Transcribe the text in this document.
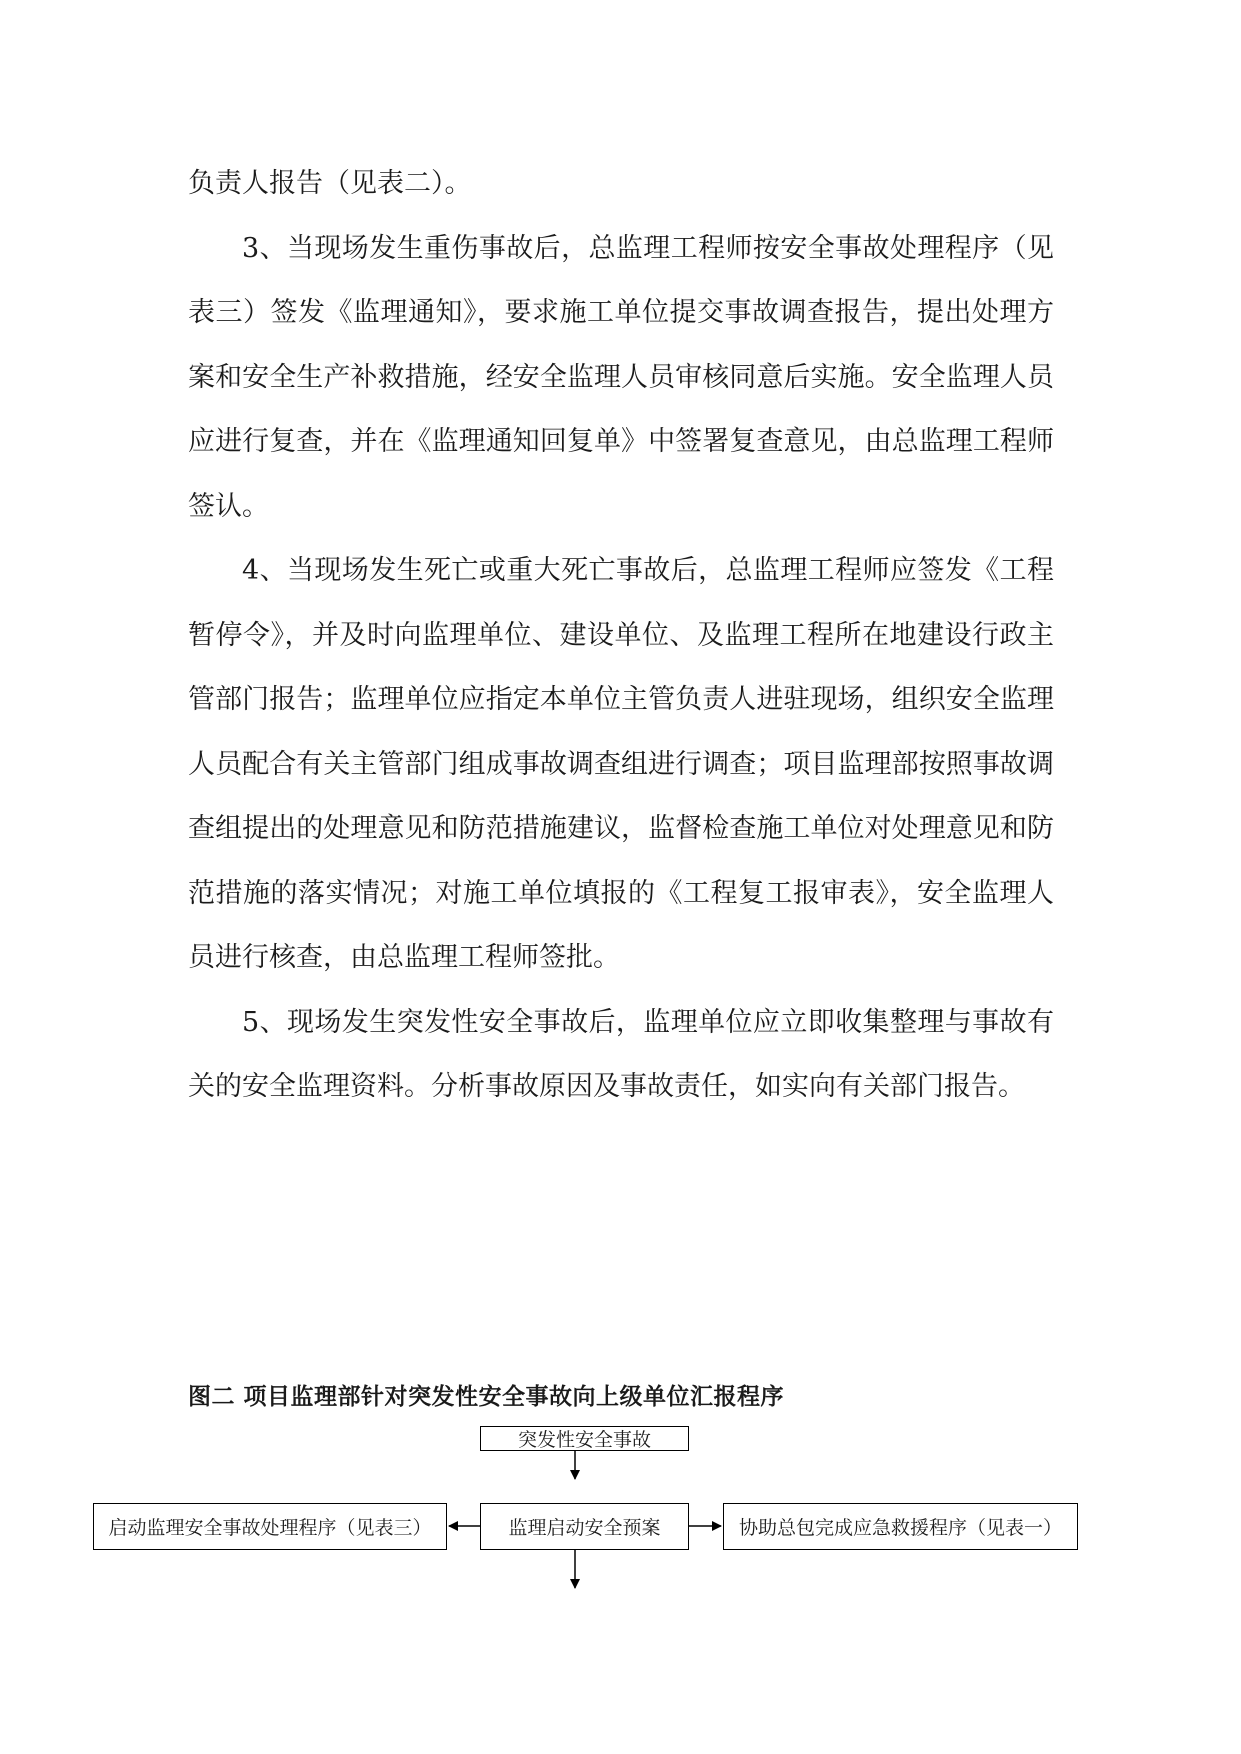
负责人报告（见表二）。

3、当现场发生重伤事故后，总监理工程师按安全事故处理程序（见表三）签发《监理通知》，要求施工单位提交事故调查报告，提出处理方案和安全生产补救措施，经安全监理人员审核同意后实施。安全监理人员应进行复查，并在《监理通知回复单》中签署复查意见，由总监理工程师签认。

4、当现场发生死亡或重大死亡事故后，总监理工程师应签发《工程暂停令》，并及时向监理单位、建设单位、及监理工程所在地建设行政主管部门报告；监理单位应指定本单位主管负责人进驻现场，组织安全监理人员配合有关主管部门组成事故调查组进行调查；项目监理部按照事故调查组提出的处理意见和防范措施建议，监督检查施工单位对处理意见和防范措施的落实情况；对施工单位填报的《工程复工报审表》，安全监理人员进行核查，由总监理工程师签批。

5、现场发生突发性安全事故后，监理单位应立即收集整理与事故有关的安全监理资料。分析事故原因及事故责任，如实向有关部门报告。

图二 项目监理部针对突发性安全事故向上级单位汇报程序
突发性安全事故
启动监理安全事故处理程序（见表三）	监理启动安全预案	协助总包完成应急救援程序（见表一）
